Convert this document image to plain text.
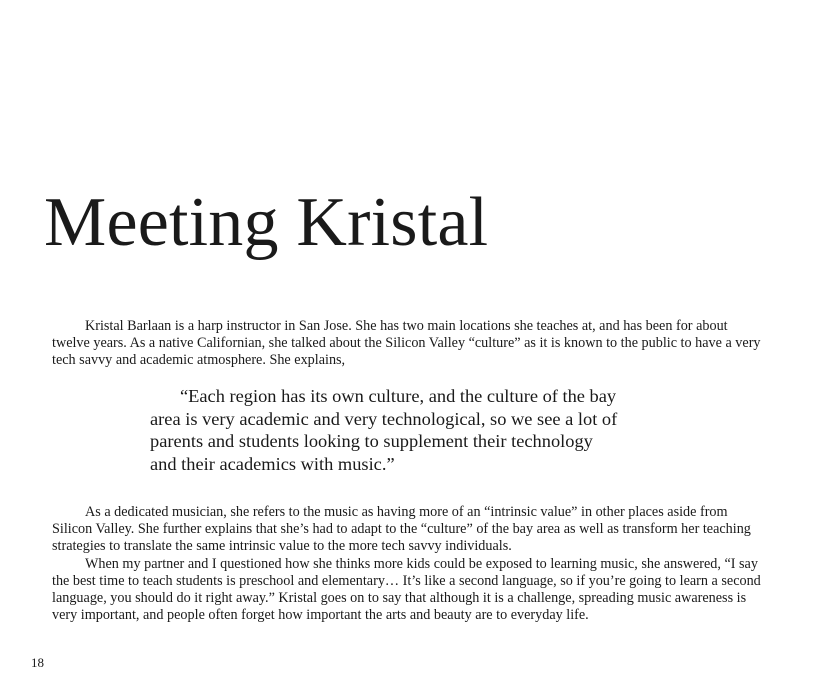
Meeting Kristal

Kristal Barlaan is a harp instructor in San Jose. She has two main locations she teaches at, and has been for about twelve years. As a native Californian, she talked about the Silicon Valley “culture” as it is known to the public to have a very tech savvy and academic atmosphere. She explains,

“Each region has its own culture, and the culture of the bay area is very academic and very technological, so we see a lot of parents and students looking to supplement their technology and their academics with music.”

As a dedicated musician, she refers to the music as having more of an “intrinsic value” in other places aside from Silicon Valley. She further explains that she’s had to adapt to the “culture” of the bay area as well as transform her teaching strategies to translate the same intrinsic value to the more tech savvy individuals.

When my partner and I questioned how she thinks more kids could be exposed to learning music, she answered, “I say the best time to teach students is preschool and elementary… It’s like a second language, so if you’re going to learn a second language, you should do it right away.” Kristal goes on to say that although it is a challenge, spreading music awareness is very important, and people often forget how important the arts and beauty are to everyday life.

18
